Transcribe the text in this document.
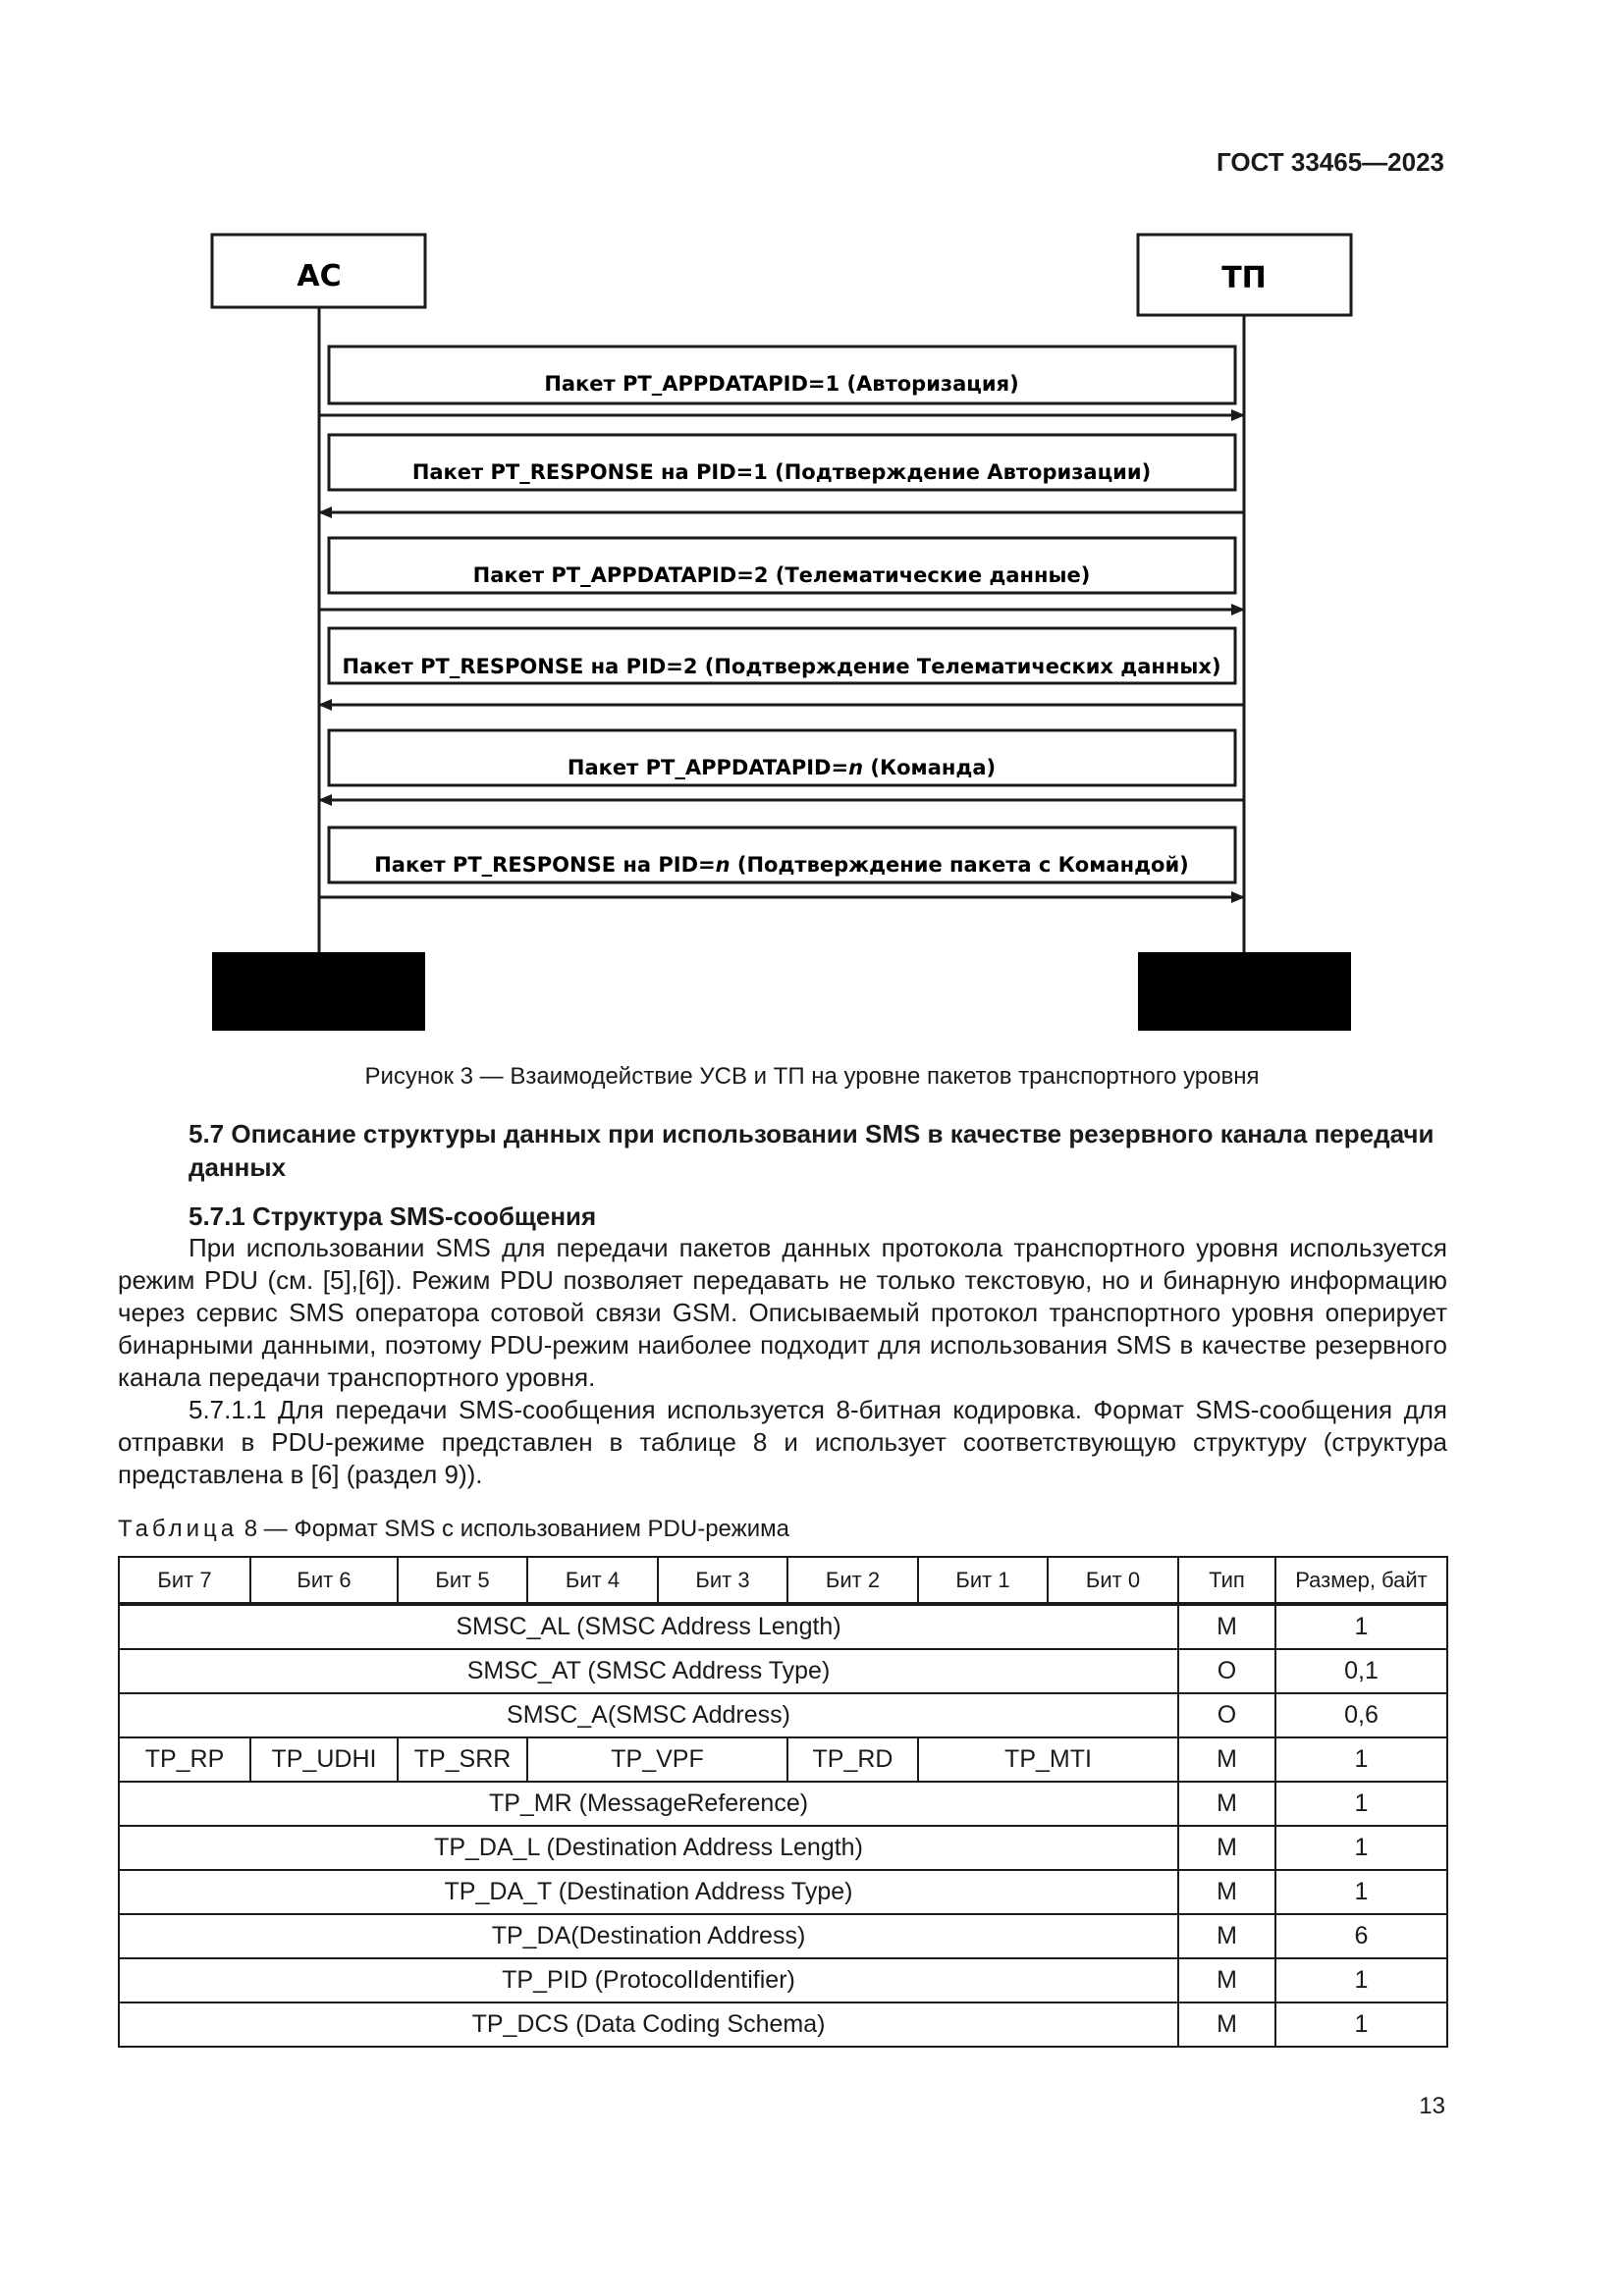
ГОСТ 33465—2023
АС	ТП
Пакет PT_APPDATAPID=1 (Авторизация)
Пакет PT_RESPONSE на PID=1 (Подтверждение Авторизации)
Пакет PT_APPDATAPID=2 (Телематические данные)
Пакет PT_RESPONSE на PID=2 (Подтверждение Телематических данных)
Пакет PT_APPDATAPID=n (Команда)
Пакет PT_RESPONSE на PID=n (Подтверждение пакета с Командой)
Рисунок 3 — Взаимодействие УСВ и ТП на уровне пакетов транспортного уровня
5.7 Описание структуры данных при использовании SMS в качестве резервного канала передачи данных
5.7.1 Структура SMS-сообщения
При использовании SMS для передачи пакетов данных протокола транспортного уровня используется режим PDU (см. [5],[6]). Режим PDU позволяет передавать не только текстовую, но и бинарную информацию через сервис SMS оператора сотовой связи GSM. Описываемый протокол транспортного уровня оперирует бинарными данными, поэтому PDU-режим наиболее подходит для использования SMS в качестве резервного канала передачи транспортного уровня.
5.7.1.1 Для передачи SMS-сообщения используется 8-битная кодировка. Формат SMS-сообщения для отправки в PDU-режиме представлен в таблице 8 и использует соответствующую структуру (структура представлена в [6] (раздел 9)).
Таблица 8 — Формат SMS с использованием PDU-режима
Бит 7	Бит 6	Бит 5	Бит 4	Бит 3	Бит 2	Бит 1	Бит 0	Тип	Размер, байт
SMSC_AL (SMSC Address Length)								M	1
SMSC_AT (SMSC Address Type)								O	0,1
SMSC_A(SMSC Address)								O	0,6
TP_RP	TP_UDHI	TP_SRR	TP_VPF		TP_RD	TP_MTI		M	1
TP_MR (MessageReference)								M	1
TP_DA_L (Destination Address Length)								M	1
TP_DA_T (Destination Address Type)								M	1
TP_DA(Destination Address)								M	6
TP_PID (ProtocolIdentifier)								M	1
TP_DCS (Data Coding Schema)								M	1
13
